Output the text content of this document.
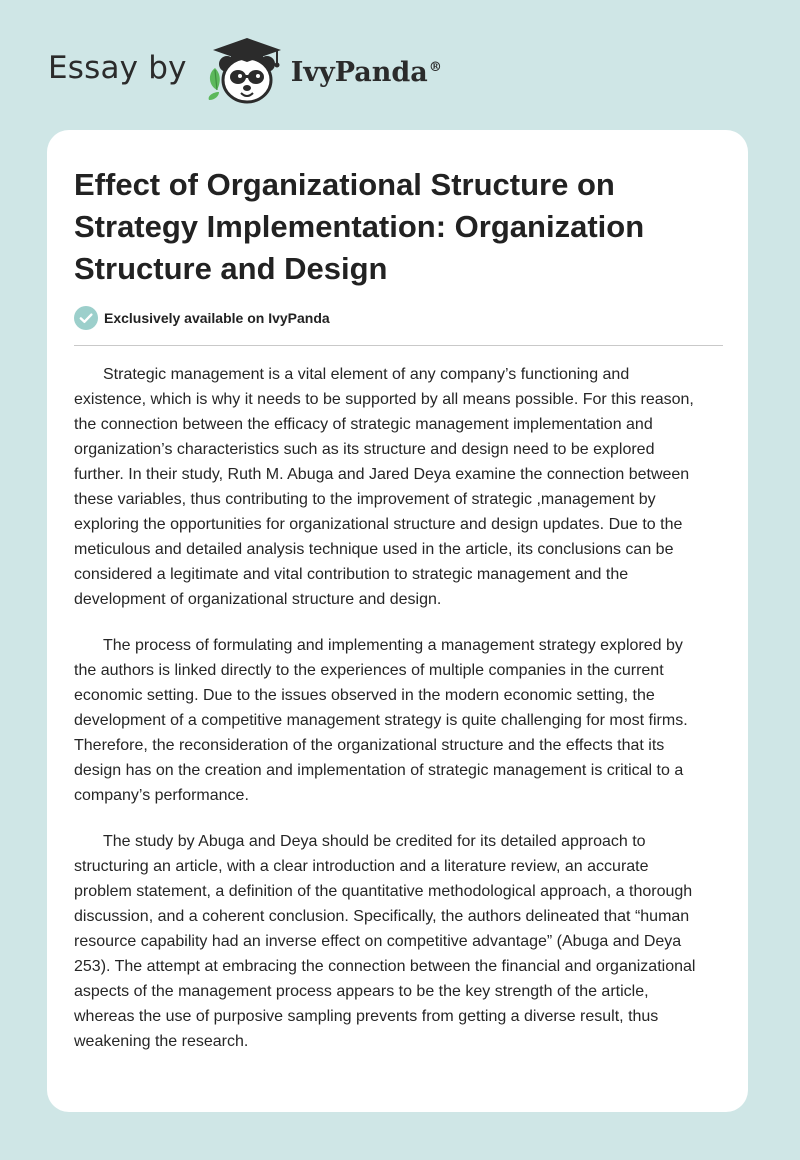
Essay by	IvyPanda®
Effect of Organizational Structure on Strategy Implementation: Organization Structure and Design
Exclusively available on IvyPanda

Strategic management is a vital element of any company’s functioning and
existence, which is why it needs to be supported by all means possible. For this reason,
the connection between the efficacy of strategic management implementation and
organization’s characteristics such as its structure and design need to be explored
further. In their study, Ruth M. Abuga and Jared Deya examine the connection between
these variables, thus contributing to the improvement of strategic ,management by
exploring the opportunities for organizational structure and design updates. Due to the
meticulous and detailed analysis technique used in the article, its conclusions can be
considered a legitimate and vital contribution to strategic management and the
development of organizational structure and design.

The process of formulating and implementing a management strategy explored by
the authors is linked directly to the experiences of multiple companies in the current
economic setting. Due to the issues observed in the modern economic setting, the
development of a competitive management strategy is quite challenging for most firms.
Therefore, the reconsideration of the organizational structure and the effects that its
design has on the creation and implementation of strategic management is critical to a
company’s performance.

The study by Abuga and Deya should be credited for its detailed approach to
structuring an article, with a clear introduction and a literature review, an accurate
problem statement, a definition of the quantitative methodological approach, a thorough
discussion, and a coherent conclusion. Specifically, the authors delineated that “human
resource capability had an inverse effect on competitive advantage” (Abuga and Deya
253). The attempt at embracing the connection between the financial and organizational
aspects of the management process appears to be the key strength of the article,
whereas the use of purposive sampling prevents from getting a diverse result, thus
weakening the research.
